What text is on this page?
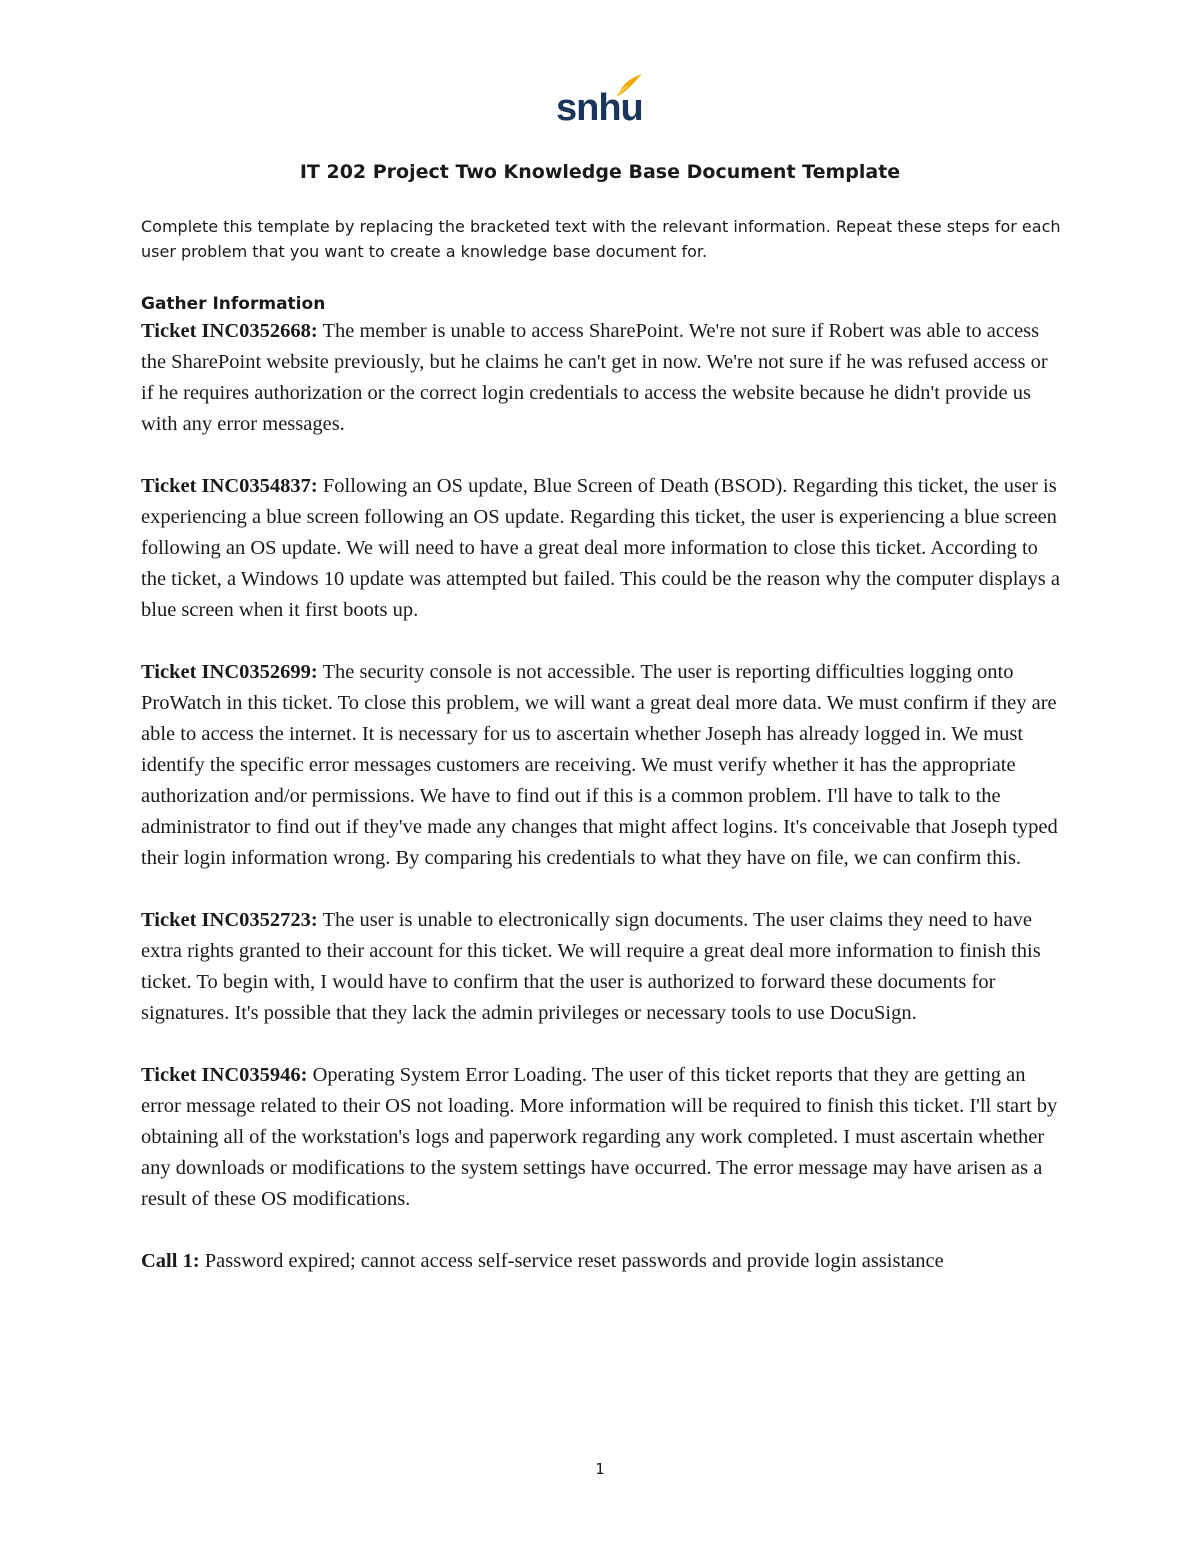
snhu
IT 202 Project Two Knowledge Base Document Template
Complete this template by replacing the bracketed text with the relevant information. Repeat these steps for each user problem that you want to create a knowledge base document for.
Gather Information

Ticket INC0352668: The member is unable to access SharePoint. We're not sure if Robert was able to access the SharePoint website previously, but he claims he can't get in now. We're not sure if he was refused access or if he requires authorization or the correct login credentials to access the website because he didn't provide us with any error messages.

Ticket INC0354837: Following an OS update, Blue Screen of Death (BSOD). Regarding this ticket, the user is experiencing a blue screen following an OS update. Regarding this ticket, the user is experiencing a blue screen following an OS update. We will need to have a great deal more information to close this ticket. According to the ticket, a Windows 10 update was attempted but failed. This could be the reason why the computer displays a blue screen when it first boots up.

Ticket INC0352699: The security console is not accessible. The user is reporting difficulties logging onto ProWatch in this ticket. To close this problem, we will want a great deal more data. We must confirm if they are able to access the internet. It is necessary for us to ascertain whether Joseph has already logged in. We must identify the specific error messages customers are receiving. We must verify whether it has the appropriate authorization and/or permissions. We have to find out if this is a common problem. I'll have to talk to the administrator to find out if they've made any changes that might affect logins. It's conceivable that Joseph typed their login information wrong. By comparing his credentials to what they have on file, we can confirm this.

Ticket INC0352723: The user is unable to electronically sign documents. The user claims they need to have extra rights granted to their account for this ticket. We will require a great deal more information to finish this ticket. To begin with, I would have to confirm that the user is authorized to forward these documents for signatures. It's possible that they lack the admin privileges or necessary tools to use DocuSign.

Ticket INC035946: Operating System Error Loading. The user of this ticket reports that they are getting an error message related to their OS not loading. More information will be required to finish this ticket. I'll start by obtaining all of the workstation's logs and paperwork regarding any work completed. I must ascertain whether any downloads or modifications to the system settings have occurred. The error message may have arisen as a result of these OS modifications.

Call 1: Password expired; cannot access self-service reset passwords and provide login assistance

1
